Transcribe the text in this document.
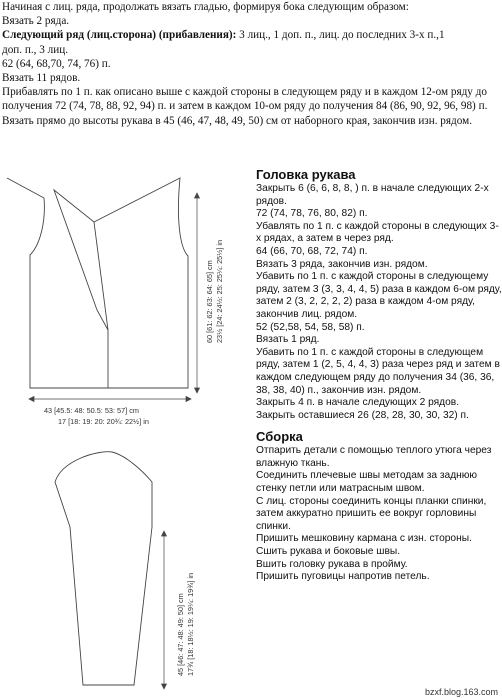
Начиная с лиц. ряда, продолжать вязать гладью, формируя бока следующим образом:

Вязать 2 ряда.

Следующий ряд (лиц.сторона) (прибавления): 3 лиц., 1 доп. п., лиц. до последних 3-х п.,1

доп. п., 3 лиц.

62 (64, 68,70, 74, 76) п.

Вязать 11 рядов.

Прибавлять по 1 п. как описано выше с каждой стороны в следующем ряду и в каждом 12-ом ряду до получения 72 (74, 78, 88, 92, 94) п. и затем в каждом 10-ом ряду до получения 84 (86, 90, 92, 96, 98) п.

Вязать прямо до высоты рукава в 45 (46, 47, 48, 49, 50) см от наборного края, закончив изн. рядом.

60 [61: 62: 63: 64: 65] cm 23½ [24: 24½: 25: 25¼: 25½] in
43 [45.5: 48: 50.5: 53: 57] cm
17 [18: 19: 20: 20¾: 22½] in
45 [46: 47: 48: 49: 50] cm 17¾ [18: 18½: 19: 19¼: 19¾] in

Головка рукава

Закрыть 6 (6, 6, 8, 8, ) п. в начале следующих 2-х рядов.

72 (74, 78, 76, 80, 82) п.

Убавлять по 1 п. с каждой стороны в следующих 3-х рядах, а затем в через ряд.

64 (66, 70, 68, 72, 74) п.

Вязать 3 ряда, закончив изн. рядом.

Убавить по 1 п. с каждой стороны в следующему ряду, затем 3 (3, 3, 4, 4, 5) раза в каждом 6-ом ряду, затем 2 (3, 2, 2, 2, 2) раза в каждом 4-ом ряду, закончив лиц. рядом.

52 (52,58, 54, 58, 58) п.

Вязать 1 ряд.

Убавить по 1 п. с каждой стороны в следующем ряду, затем 1 (2, 5, 4, 4, 3) раза через ряд и затем в каждом следующем ряду до получения 34 (36, 36, 38, 38, 40) п., закончив изн. рядом.

Закрыть 4 п. в начале следующих 2 рядов.

Закрыть оставшиеся 26 (28, 28, 30, 30, 32) п.

Сборка

Отпарить детали с помощью теплого утюга через влажную ткань.

Соединить плечевые швы методам за заднюю стенку петли или матрасным швом.

С лиц. стороны соединить концы планки спинки, затем аккуратно пришить ее вокруг горловины спинки.

Пришить мешковину кармана с изн. стороны.

Сшить рукава и боковые швы.

Вшить головку рукава в пройму.

Пришить пуговицы напротив петель.

bzxf.blog.163.com
